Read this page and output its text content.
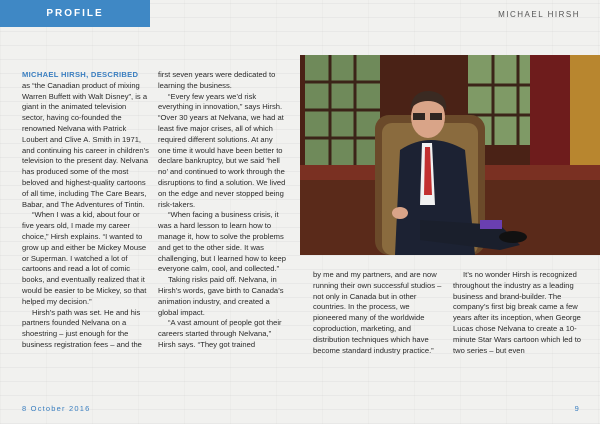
PROFILE	MICHAEL HIRSH

MICHAEL HIRSH, DESCRIBED
as “the Canadian product of mixing Warren Buffett with Walt Disney”, is a giant in the animated television sector, having co-founded the renowned Nelvana with Patrick Loubert and Clive A. Smith in 1971, and continuing his career in children’s television to the present day. Nelvana has produced some of the most beloved and highest-quality cartoons of all time, including The Care Bears, Babar, and The Adventures of Tintin.

“When I was a kid, about four or five years old, I made my career choice,” Hirsh explains. “I wanted to grow up and either be Mickey Mouse or Superman. I watched a lot of cartoons and read a lot of comic books, and eventually realized that it would be easier to be Mickey, so that helped my decision.”

Hirsh’s path was set. He and his partners founded Nelvana on a shoestring – just enough for the business registration fees – and the

first seven years were dedicated to learning the business.

“Every few years we’d risk everything in innovation,” says Hirsh. “Over 30 years at Nelvana, we had at least five major crises, all of which required different solutions. At any one time it would have been better to declare bankruptcy, but we said ‘hell no’ and continued to work through the disruptions to find a solution. We lived on the edge and never stopped being risk-takers.

“When facing a business crisis, it was a hard lesson to learn how to manage it, how to solve the problems and get to the other side. It was challenging, but I learned how to keep everyone calm, cool, and collected.”

Taking risks paid off. Nelvana, in Hirsh’s words, gave birth to Canada’s animation industry, and created a global impact.

“A vast amount of people got their careers started through Nelvana,” Hirsh says. “They got trained

by me and my partners, and are now running their own successful studios – not only in Canada but in other countries. In the process, we pioneered many of the worldwide coproduction, marketing, and distribution techniques which have become standard industry practice.”

It’s no wonder Hirsh is recognized throughout the industry as a leading business and brand-builder. The company’s first big break came a few years after its inception, when George Lucas chose Nelvana to create a 10-minute Star Wars cartoon which led to two series – but even

8 October 2016	9
